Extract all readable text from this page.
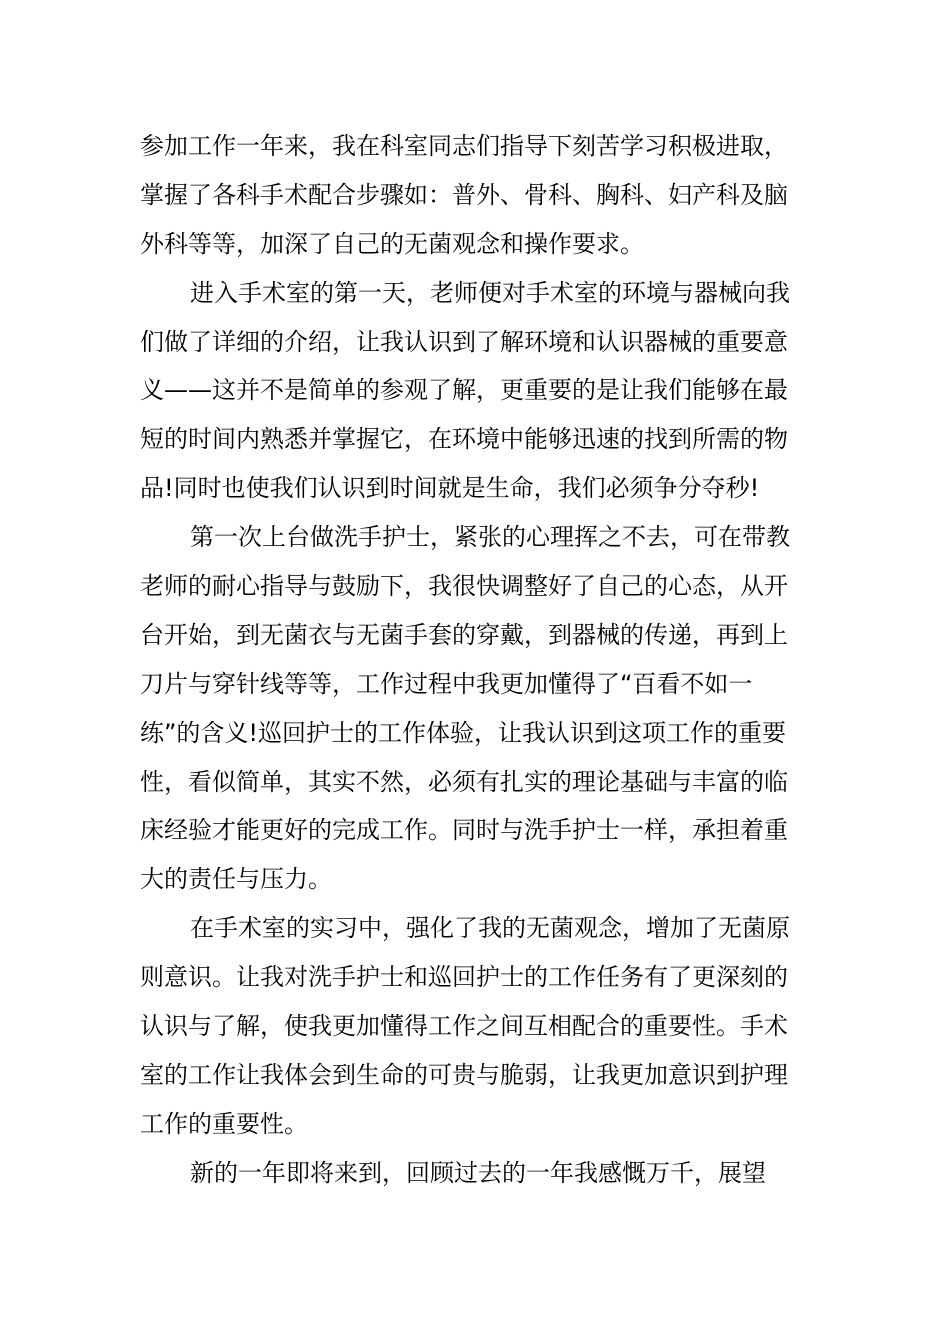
参加工作一年来，我在科室同志们指导下刻苦学习积极进取，
掌握了各科手术配合步骤如：普外、骨科、胸科、妇产科及脑
外科等等，加深了自己的无菌观念和操作要求。
进入手术室的第一天，老师便对手术室的环境与器械向我
们做了详细的介绍，让我认识到了解环境和认识器械的重要意
义——这并不是简单的参观了解，更重要的是让我们能够在最
短的时间内熟悉并掌握它，在环境中能够迅速的找到所需的物
品!同时也使我们认识到时间就是生命，我们必须争分夺秒!
第一次上台做洗手护士，紧张的心理挥之不去，可在带教
老师的耐心指导与鼓励下，我很快调整好了自己的心态，从开
台开始，到无菌衣与无菌手套的穿戴，到器械的传递，再到上
刀片与穿针线等等，工作过程中我更加懂得了“百看不如一
练”的含义!巡回护士的工作体验，让我认识到这项工作的重要
性，看似简单，其实不然，必须有扎实的理论基础与丰富的临
床经验才能更好的完成工作。同时与洗手护士一样，承担着重
大的责任与压力。
在手术室的实习中，强化了我的无菌观念，增加了无菌原
则意识。让我对洗手护士和巡回护士的工作任务有了更深刻的
认识与了解，使我更加懂得工作之间互相配合的重要性。手术
室的工作让我体会到生命的可贵与脆弱，让我更加意识到护理
工作的重要性。
新的一年即将来到，回顾过去的一年我感慨万千，展望
